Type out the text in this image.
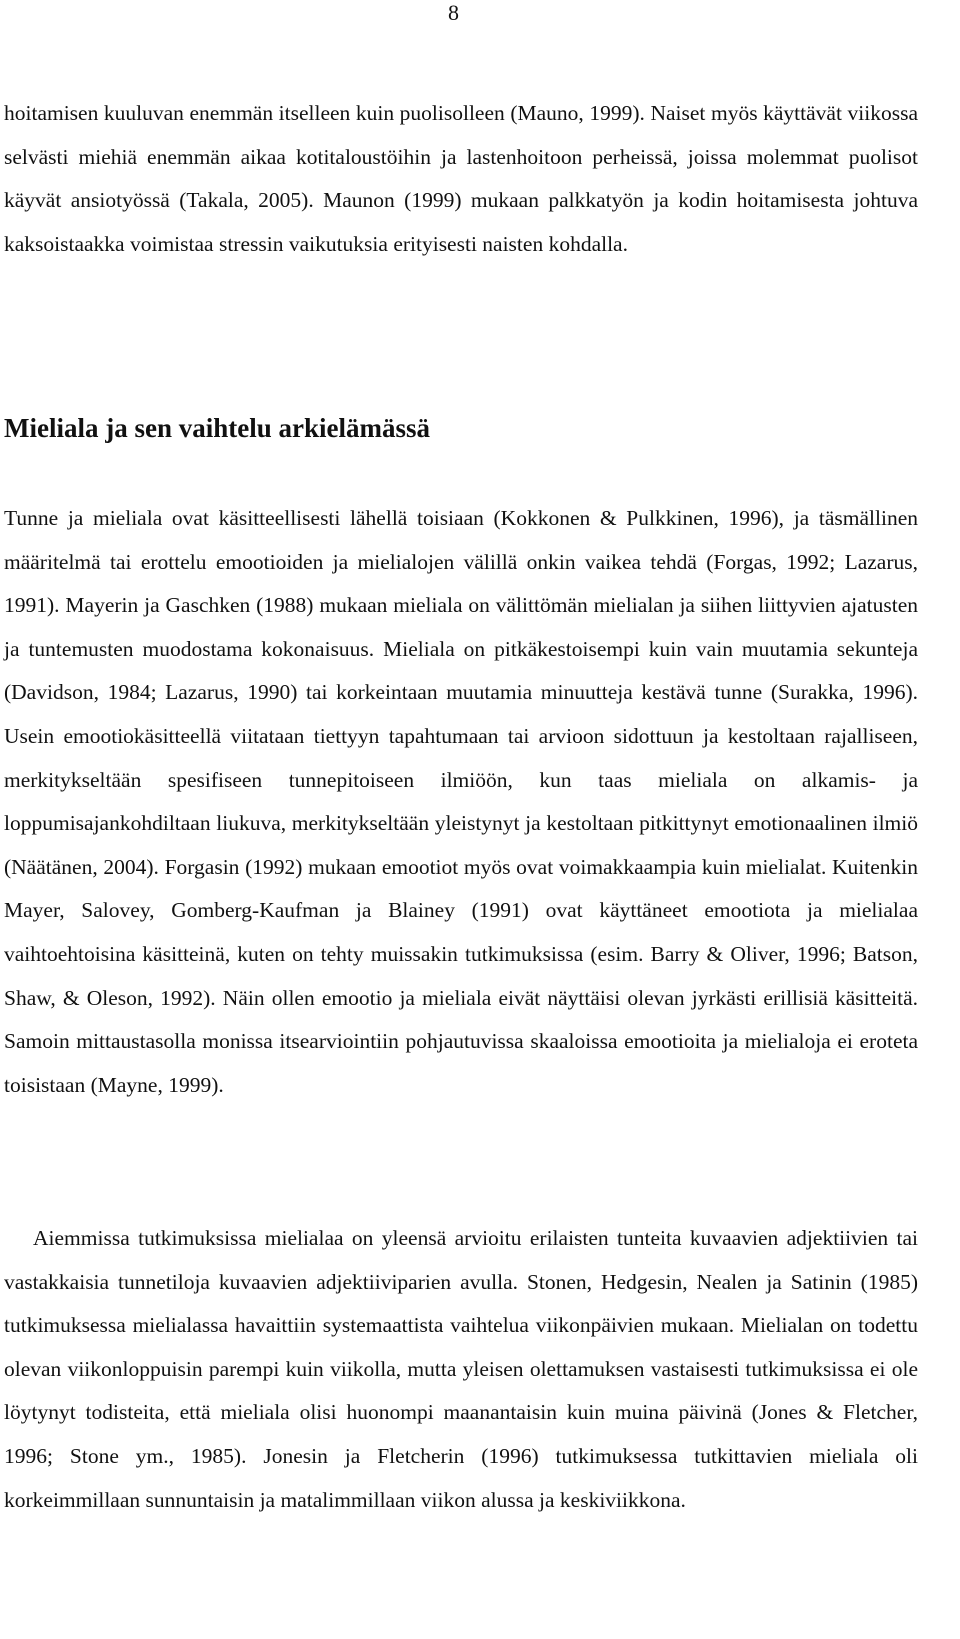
8

hoitamisen kuuluvan enemmän itselleen kuin puolisolleen (Mauno, 1999). Naiset myös käyttävät viikossa selvästi miehiä enemmän aikaa kotitaloustöihin ja lastenhoitoon perheissä, joissa molemmat puolisot käyvät ansiotyössä (Takala, 2005). Maunon (1999) mukaan palkkatyön ja kodin hoitamisesta johtuva kaksoistaakka voimistaa stressin vaikutuksia erityisesti naisten kohdalla.

Mieliala ja sen vaihtelu arkielämässä

Tunne ja mieliala ovat käsitteellisesti lähellä toisiaan (Kokkonen & Pulkkinen, 1996), ja täsmällinen määritelmä tai erottelu emootioiden ja mielialojen välillä onkin vaikea tehdä (Forgas, 1992; Lazarus, 1991). Mayerin ja Gaschken (1988) mukaan mieliala on välittömän mielialan ja siihen liittyvien ajatusten ja tuntemusten muodostama kokonaisuus. Mieliala on pitkäkestoisempi kuin vain muutamia sekunteja (Davidson, 1984; Lazarus, 1990) tai korkeintaan muutamia minuutteja kestävä tunne (Surakka, 1996). Usein emootiokäsitteellä viitataan tiettyyn tapahtumaan tai arvioon sidottuun ja kestoltaan rajalliseen, merkitykseltään spesifiseen tunnepitoiseen ilmiöön, kun taas mieliala on alkamis- ja loppumisajankohdiltaan liukuva, merkitykseltään yleistynyt ja kestoltaan pitkittynyt emotionaalinen ilmiö (Näätänen, 2004). Forgasin (1992) mukaan emootiot myös ovat voimakkaampia kuin mielialat. Kuitenkin Mayer, Salovey, Gomberg-Kaufman ja Blainey (1991) ovat käyttäneet emootiota ja mielialaa vaihtoehtoisina käsitteinä, kuten on tehty muissakin tutkimuksissa (esim. Barry & Oliver, 1996; Batson, Shaw, & Oleson, 1992). Näin ollen emootio ja mieliala eivät näyttäisi olevan jyrkästi erillisiä käsitteitä. Samoin mittaustasolla monissa itsearviointiin pohjautuvissa skaaloissa emootioita ja mielialoja ei eroteta toisistaan (Mayne, 1999).

Aiemmissa tutkimuksissa mielialaa on yleensä arvioitu erilaisten tunteita kuvaavien adjektiivien tai vastakkaisia tunnetiloja kuvaavien adjektiiviparien avulla. Stonen, Hedgesin, Nealen ja Satinin (1985) tutkimuksessa mielialassa havaittiin systemaattista vaihtelua viikonpäivien mukaan. Mielialan on todettu olevan viikonloppuisin parempi kuin viikolla, mutta yleisen olettamuksen vastaisesti tutkimuksissa ei ole löytynyt todisteita, että mieliala olisi huonompi maanantaisin kuin muina päivinä (Jones & Fletcher, 1996; Stone ym., 1985). Jonesin ja Fletcherin (1996) tutkimuksessa tutkittavien mieliala oli korkeimmillaan sunnuntaisin ja matalimmillaan viikon alussa ja keskiviikkona.
